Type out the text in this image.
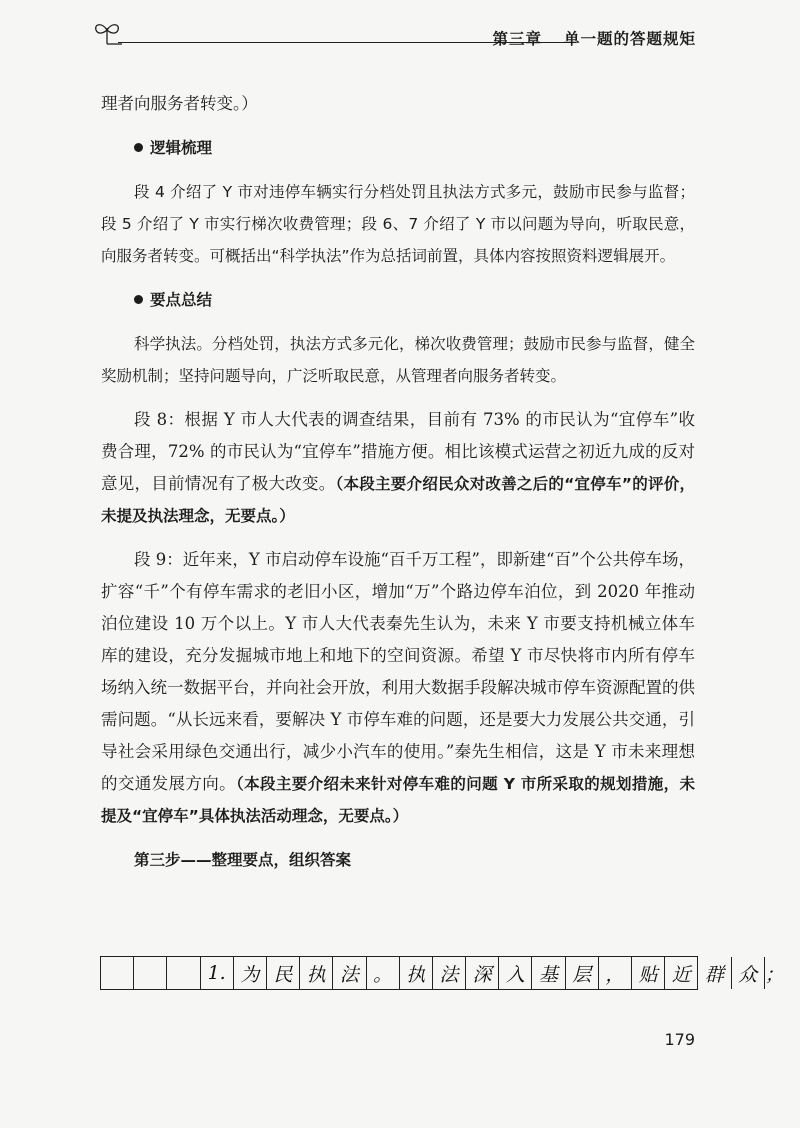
第三章 单一题的答题规矩

理者向服务者转变。）

逻辑梳理

段 4 介绍了 Y 市对违停车辆实行分档处罚且执法方式多元，鼓励市民参与监督；段 5 介绍了 Y 市实行梯次收费管理；段 6、7 介绍了 Y 市以问题为导向，听取民意，向服务者转变。可概括出“科学执法”作为总括词前置，具体内容按照资料逻辑展开。

要点总结

科学执法。分档处罚，执法方式多元化，梯次收费管理；鼓励市民参与监督，健全奖励机制；坚持问题导向，广泛听取民意，从管理者向服务者转变。

段 8：根据 Y 市人大代表的调查结果，目前有 73% 的市民认为“宜停车”收费合理，72% 的市民认为“宜停车”措施方便。相比该模式运营之初近九成的反对意见，目前情况有了极大改变。（本段主要介绍民众对改善之后的“宜停车”的评价，未提及执法理念，无要点。）

段 9：近年来，Y 市启动停车设施“百千万工程”，即新建“百”个公共停车场，扩容“千”个有停车需求的老旧小区，增加“万”个路边停车泊位，到 2020 年推动泊位建设 10 万个以上。Y 市人大代表秦先生认为，未来 Y 市要支持机械立体车库的建设，充分发掘城市地上和地下的空间资源。希望 Y 市尽快将市内所有停车场纳入统一数据平台，并向社会开放，利用大数据手段解决城市停车资源配置的供需问题。“从长远来看，要解决 Y 市停车难的问题，还是要大力发展公共交通，引导社会采用绿色交通出行，减少小汽车的使用。”秦先生相信，这是 Y 市未来理想的交通发展方向。（本段主要介绍未来针对停车难的问题 Y 市所采取的规划措施，未提及“宜停车”具体执法活动理念，无要点。）

第三步——整理要点，组织答案

1. 为 民 执 法 。 执 法 深 入 基 层 ， 贴 近 群 众 ；
179
